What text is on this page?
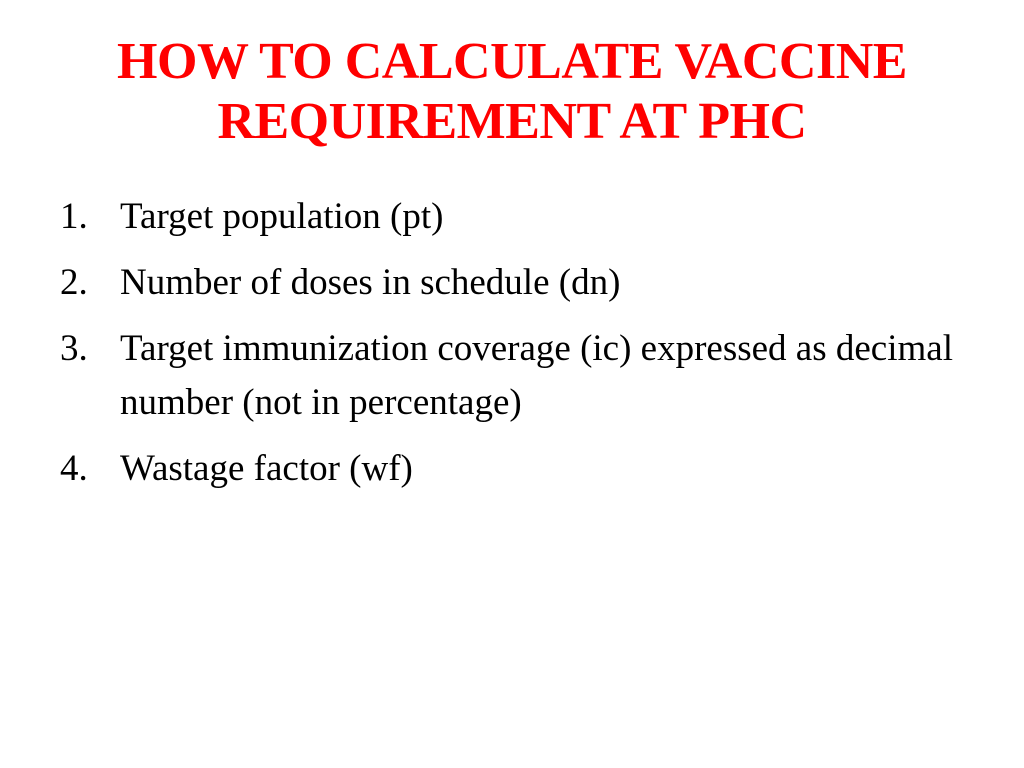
HOW TO CALCULATE VACCINE
REQUIREMENT AT PHC
1. Target population (pt)
2. Number of doses in schedule (dn)
3. Target immunization coverage (ic) expressed as decimal number (not in percentage)
4. Wastage factor (wf)
